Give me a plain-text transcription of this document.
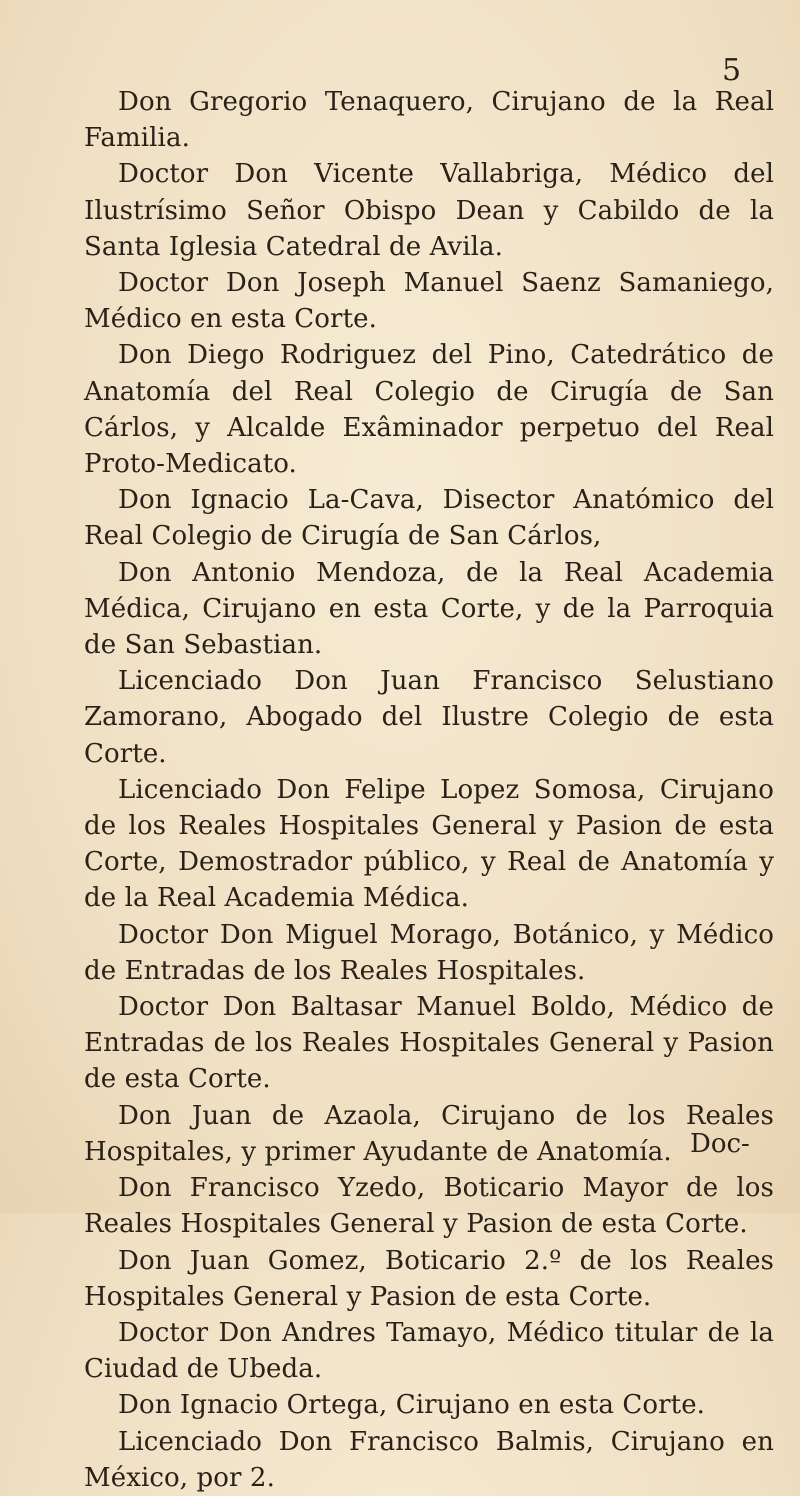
5

Don Gregorio Tenaquero, Cirujano de la Real Familia.

Doctor Don Vicente Vallabriga, Médico del Ilustrísimo Señor Obispo Dean y Cabildo de la Santa Iglesia Catedral de Avila.

Doctor Don Joseph Manuel Saenz Samaniego, Médico en esta Corte.

Don Diego Rodriguez del Pino, Catedrático de Anatomía del Real Colegio de Cirugía de San Cárlos, y Alcalde Exâminador perpetuo del Real Proto-Medicato.

Don Ignacio La-Cava, Disector Anatómico del Real Colegio de Cirugía de San Cárlos,

Don Antonio Mendoza, de la Real Academia Médica, Cirujano en esta Corte, y de la Parroquia de San Sebastian.

Licenciado Don Juan Francisco Selustiano Zamorano, Abogado del Ilustre Colegio de esta Corte.

Licenciado Don Felipe Lopez Somosa, Cirujano de los Reales Hospitales General y Pasion de esta Corte, Demostrador público, y Real de Anatomía y de la Real Academia Médica.

Doctor Don Miguel Morago, Botánico, y Médico de Entradas de los Reales Hospitales.

Doctor Don Baltasar Manuel Boldo, Médico de Entradas de los Reales Hospitales General y Pasion de esta Corte.

Don Juan de Azaola, Cirujano de los Reales Hospitales, y primer Ayudante de Anatomía.

Don Francisco Yzedo, Boticario Mayor de los Reales Hospitales General y Pasion de esta Corte.

Don Juan Gomez, Boticario 2.º de los Reales Hospitales General y Pasion de esta Corte.

Doctor Don Andres Tamayo, Médico titular de la Ciudad de Ubeda.

Don Ignacio Ortega, Cirujano en esta Corte.

Licenciado Don Francisco Balmis, Cirujano en México, por 2.

Doc-
